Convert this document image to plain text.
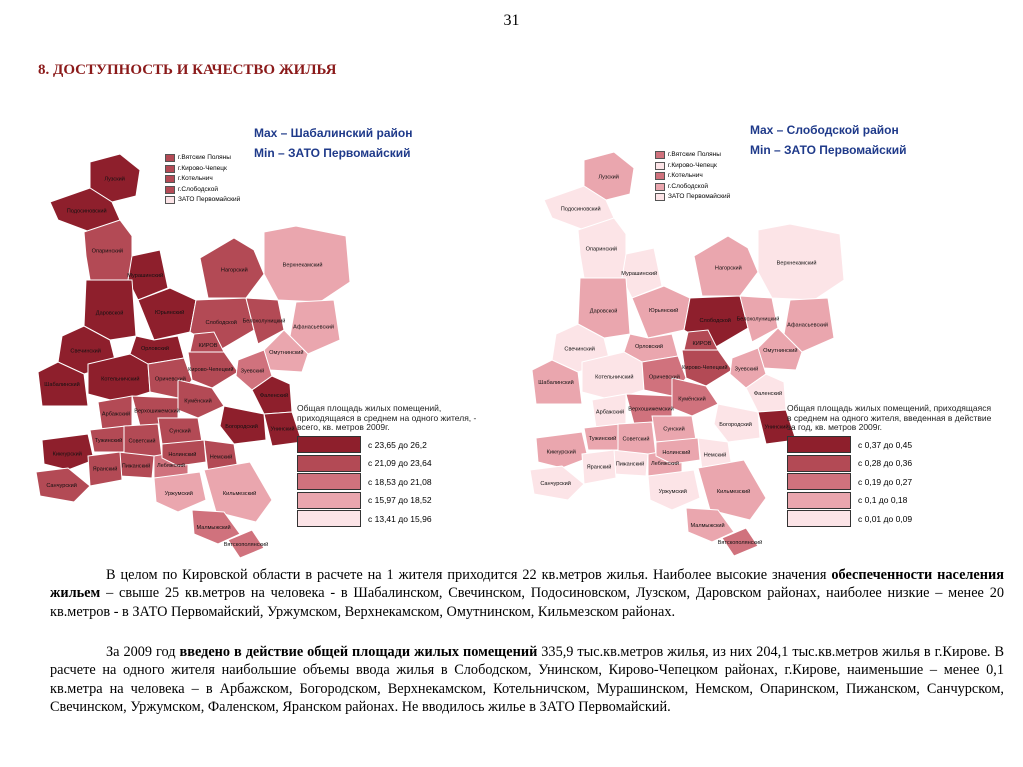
31
8. ДОСТУПНОСТЬ И КАЧЕСТВО ЖИЛЬЯ
Max – Шабалинский район
Min – ЗАТО Первомайский
Лузский
Подосиновский
Опаринский
Мурашинский
Нагорский
Верхнекамский
Даровской	Юрьянский
Слободской Белохолуницкий
Афанасьевский
Свечинский	Омутнинский
Шабалинский
Орловский	КИРОВ
Котельничский	Оричевский
Кирово-Чепецкий Зуевский
Фаленский
Арбажский Верхошижемский
Кумёнский
Унинский
Тужинский Советский
Сунский
Богородский
Пижанский Лебяжский
Немский
Кикнурский
Яранский
Санчурский
Уржумский	Кильмезский
Малмыжский
Вятскополянский
Нолинский
г.Вятские Поляны
г.Кирово-Чепецк
г.Котельнич
г.Слободской
ЗАТО Первомайский
Общая площадь жилых помещений, приходящаяся в среднем на одного жителя, - всего, кв. метров 2009г.
с 23,65 до 26,2
с 21,09 до 23,64
с 18,53 до 21,08
с 15,97 до 18,52
с 13,41 до 15,96
Max – Слободской район
Min – ЗАТО Первомайский
Лузский
Подосиновский
Опаринский
Мурашинский
Нагорский
Верхнекамский
Даровской	Юрьянский
Слободской Белохолуницкий
Афанасьевский
Свечинский	Омутнинский
Шабалинский
Орловский	КИРОВ
Котельничский	Оричевский
Кирово-Чепецкий Зуевский
Фаленский
Арбажский Верхошижемский
Кумёнский
Унинский
Тужинский Советский
Сунский
Богородский
Пижанский Лебяжский
Немский
Кикнурский
Яранский
Санчурский
Уржумский	Кильмезский
Малмыжский
Вятскополянский
Нолинский
г.Вятские Поляны
г.Кирово-Чепецк
г.Котельнич
г.Слободской
ЗАТО Первомайский
Общая площадь жилых помещений, приходящаяся в среднем на одного жителя, введенная в действие за год, кв. метров 2009г.
с 0,37 до 0,45
с 0,28 до 0,36
с 0,19 до 0,27
с 0,1 до 0,18
с 0,01 до 0,09
В целом по Кировской области в расчете на 1 жителя приходится 22 кв.метров жилья. Наиболее высокие значения обеспеченности населения жильем – свыше 25 кв.метров на человека - в Шабалинском, Свечинском, Подосиновском, Лузском, Даровском районах, наиболее низкие – менее 20 кв.метров - в ЗАТО Первомайский, Уржумском, Верхнекамском, Омутнинском, Кильмезском районах.
За 2009 год введено в действие общей площади жилых помещений 335,9 тыс.кв.метров жилья, из них 204,1 тыс.кв.метров жилья в г.Кирове. В расчете на одного жителя наибольшие объемы ввода жилья в Слободском, Унинском, Кирово-Чепецком районах, г.Кирове, наименьшие – менее 0,1 кв.метра на человека – в Арбажском, Богородском, Верхнекамском, Котельничском, Мурашинском, Немском, Опаринском, Пижанском, Санчурском, Свечинском, Уржумском, Фаленском, Яранском районах. Не вводилось жилье в ЗАТО Первомайский.
